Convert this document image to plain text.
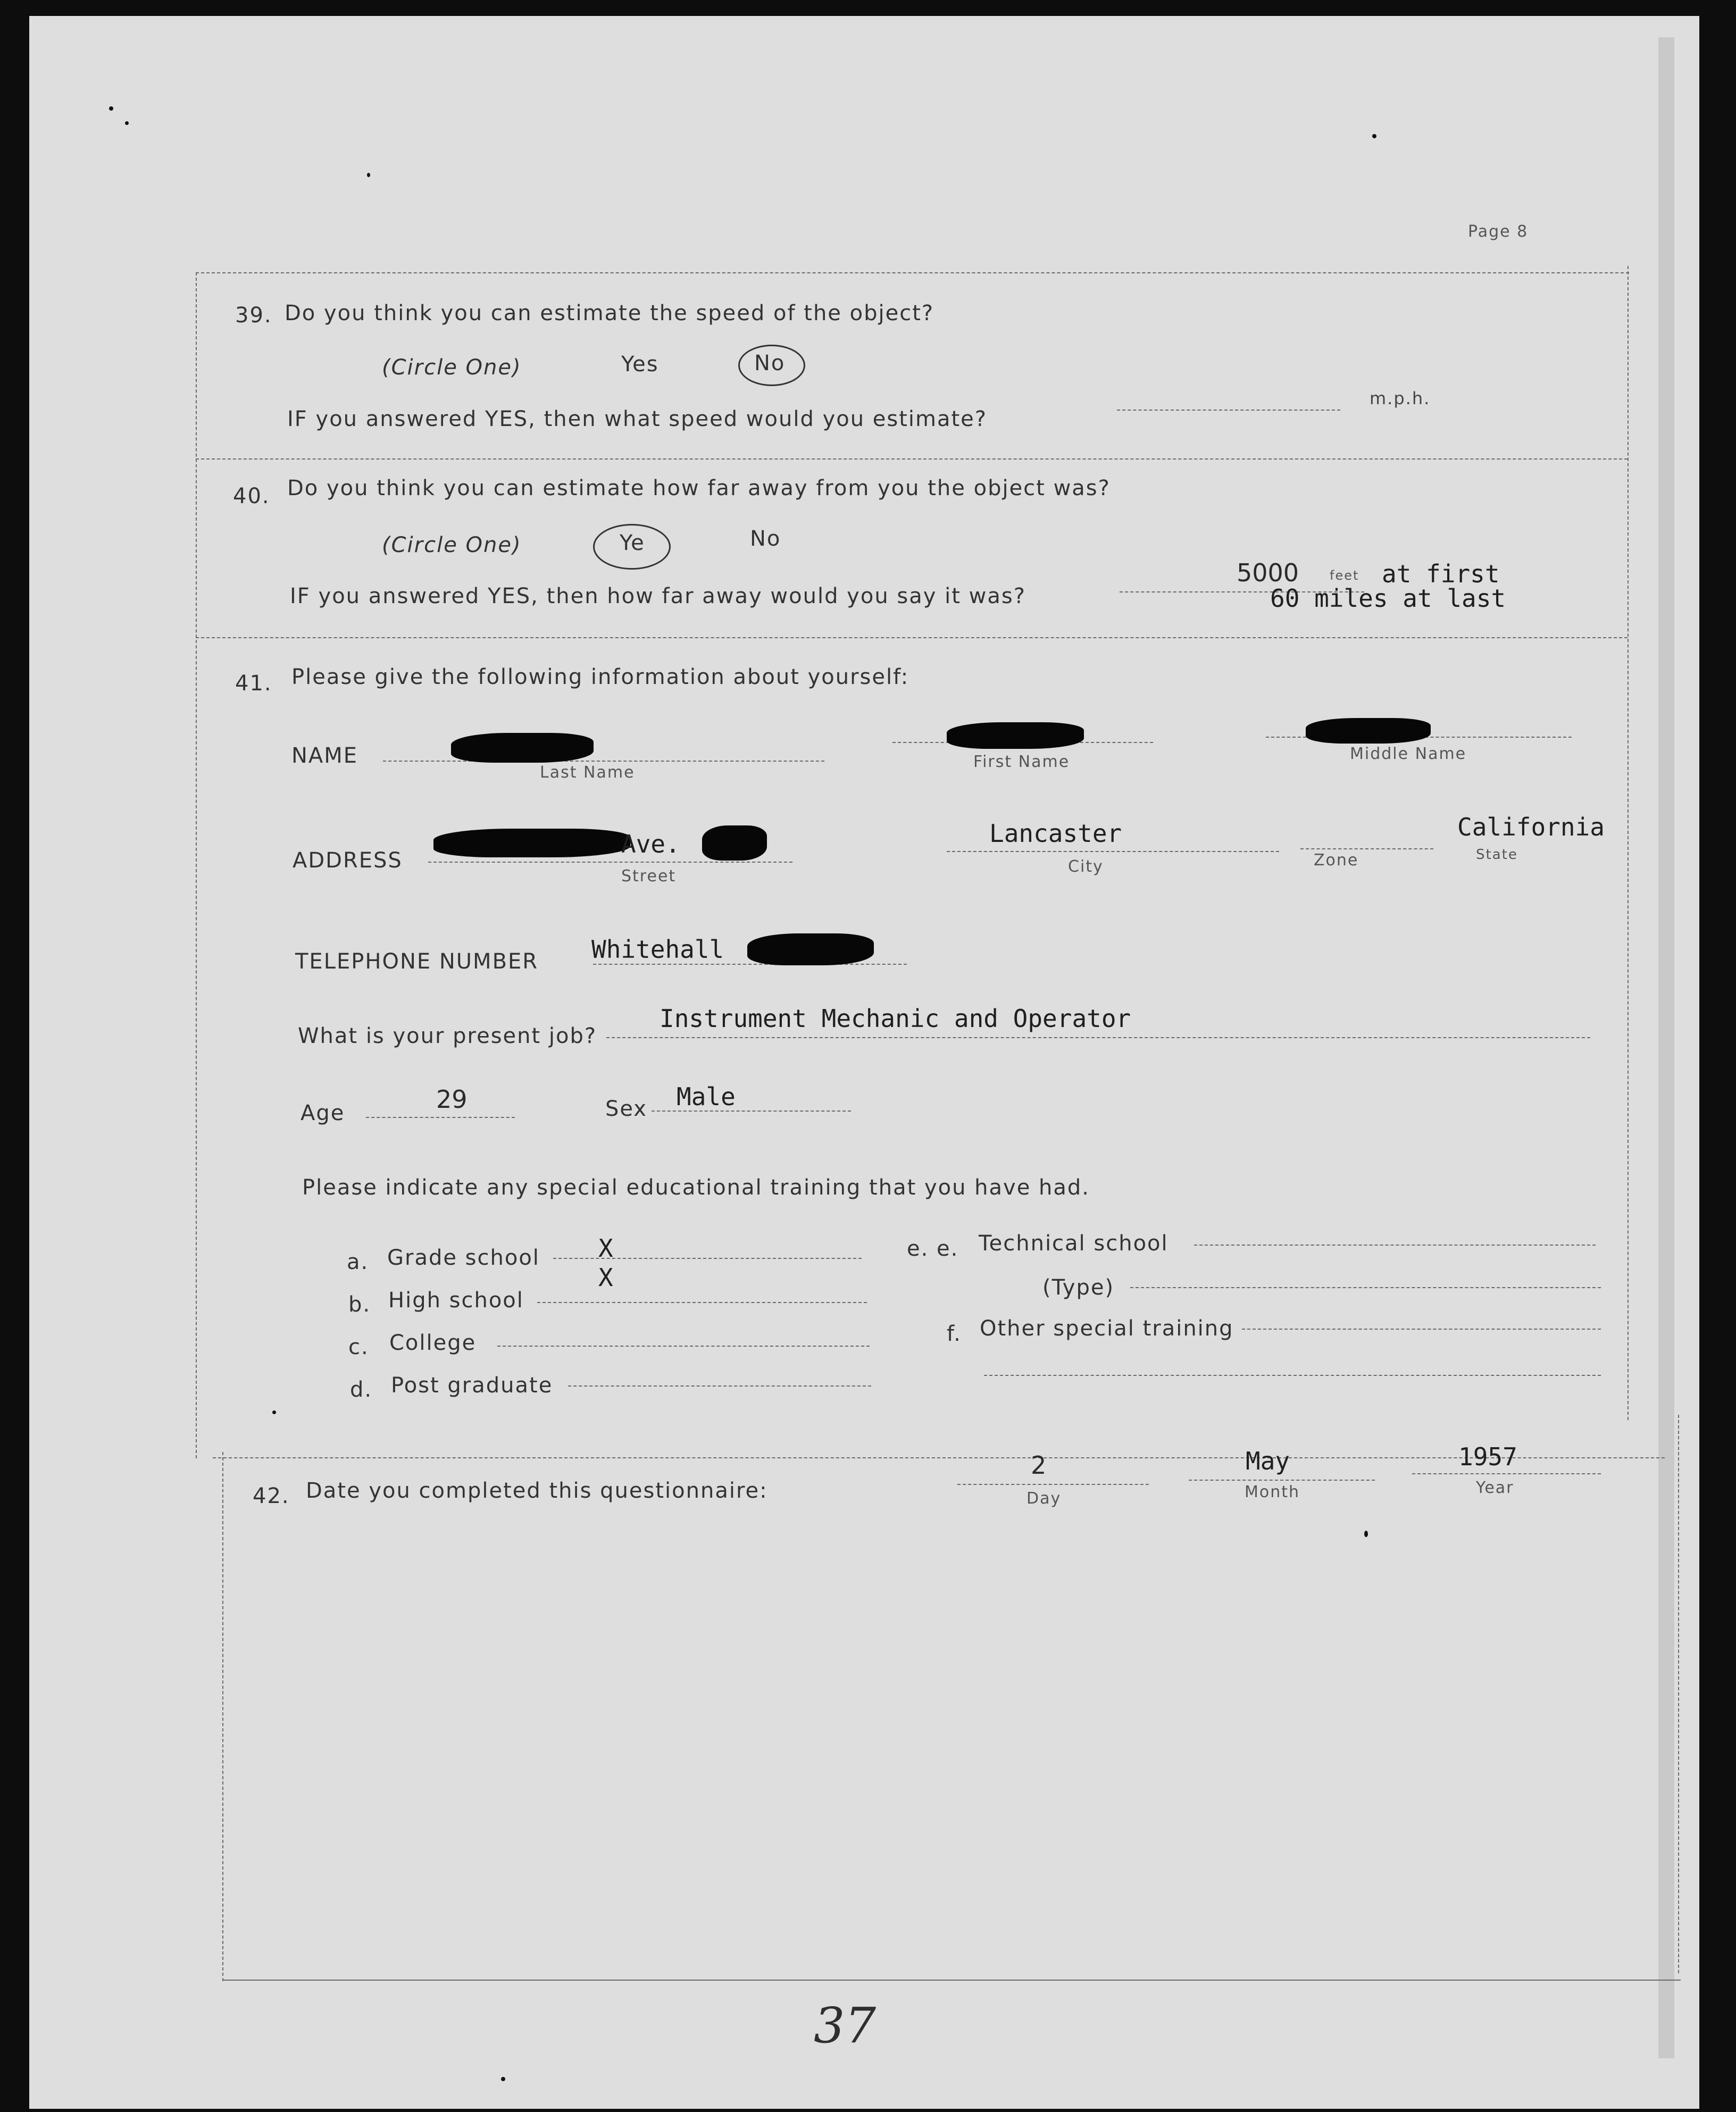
Page 8
39. Do you think you can estimate the speed of the object?
(Circle One)	Yes	No
IF you answered YES, then what speed would you estimate?
m.p.h.
40. Do you think you can estimate how far away from you the object was?
(Circle One)	Ye	No
IF you answered YES, then how far away would you say it was?
5000 feet at first
60 miles at last
41. Please give the following information about yourself:
NAME
Last Name
First Name	Middle Name
ADDRESS
Ave.
Street
Lancaster
City	Zone
California
State
TELEPHONE NUMBER Whitehall
What is your present job?
Instrument Mechanic and Operator
Age	29	Sex Male
Please indicate any special educational training that you have had.
a. Grade school X
b. High school
X
c. College
d. Post graduate
e. e. Technical school
(Type)
f. Other special training
42. Date you completed this questionnaire:
2
Day
May
Month
1957
Year
37
